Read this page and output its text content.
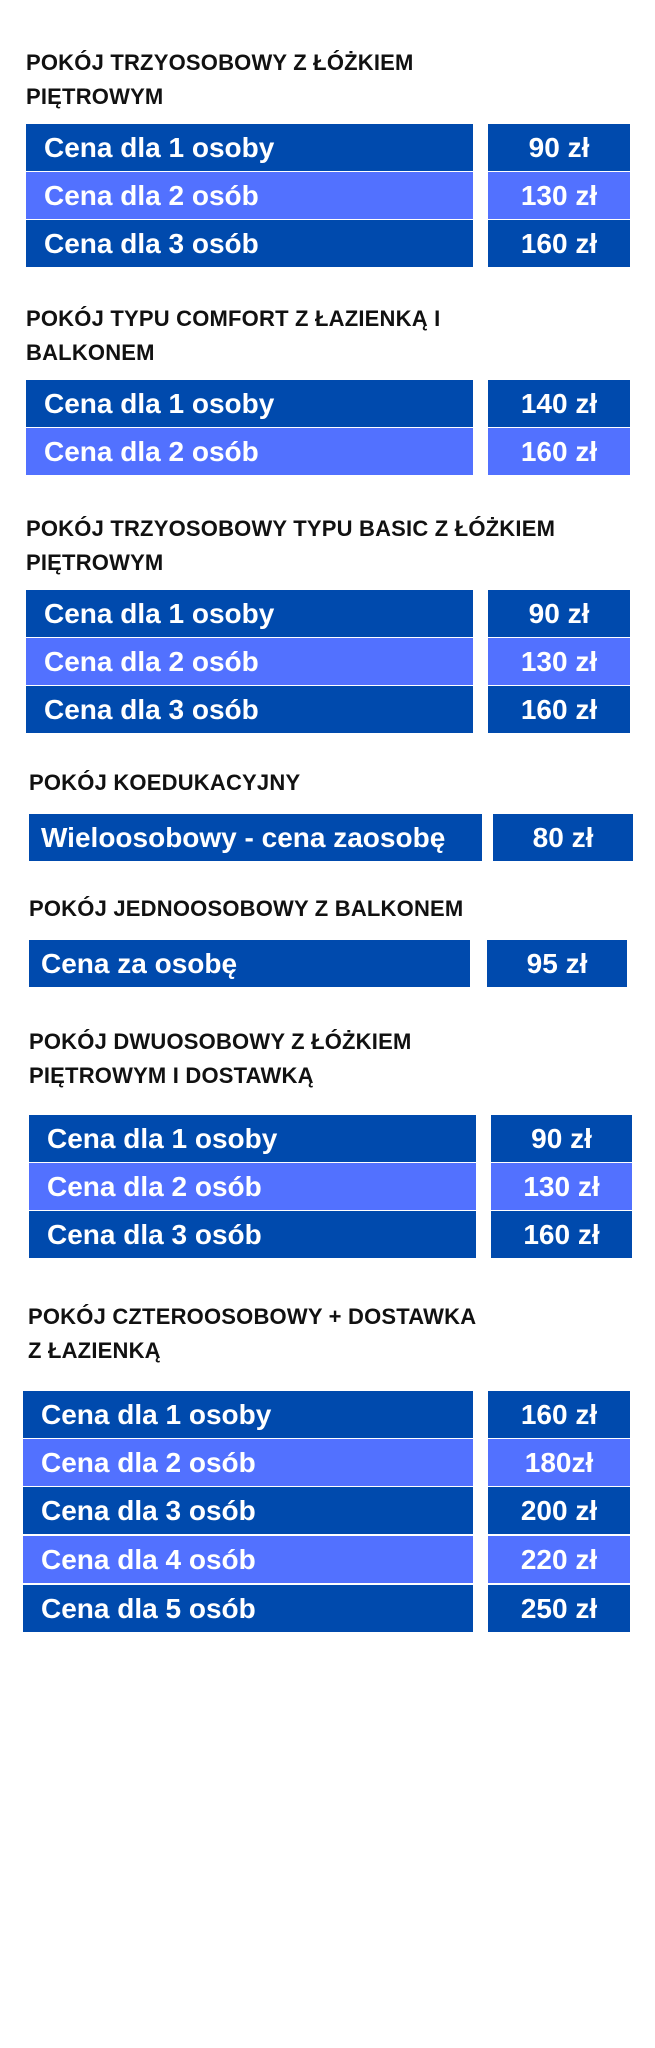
POKÓJ TRZYOSOBOWY Z ŁÓŻKIEM
PIĘTROWYM
Cena dla 1 osoby	90 zł
Cena dla 2 osób	130 zł
Cena dla 3 osób	160 zł
POKÓJ TYPU COMFORT Z ŁAZIENKĄ I
BALKONEM
Cena dla 1 osoby	140 zł
Cena dla 2 osób	160 zł
POKÓJ TRZYOSOBOWY TYPU BASIC Z ŁÓŻKIEM
PIĘTROWYM
Cena dla 1 osoby	90 zł
Cena dla 2 osób	130 zł
Cena dla 3 osób	160 zł
POKÓJ KOEDUKACYJNY
Wieloosobowy - cena zaosobę	80 zł
POKÓJ JEDNOOSOBOWY Z BALKONEM
Cena za osobę	95 zł
POKÓJ DWUOSOBOWY Z ŁÓŻKIEM
PIĘTROWYM I DOSTAWKĄ
Cena dla 1 osoby	90 zł
Cena dla 2 osób	130 zł
Cena dla 3 osób	160 zł
POKÓJ CZTEROOSOBOWY + DOSTAWKA
Z ŁAZIENKĄ
Cena dla 1 osoby	160 zł
Cena dla 2 osób	180zł
Cena dla 3 osób	200 zł
Cena dla 4 osób	220 zł
Cena dla 5 osób	250 zł
